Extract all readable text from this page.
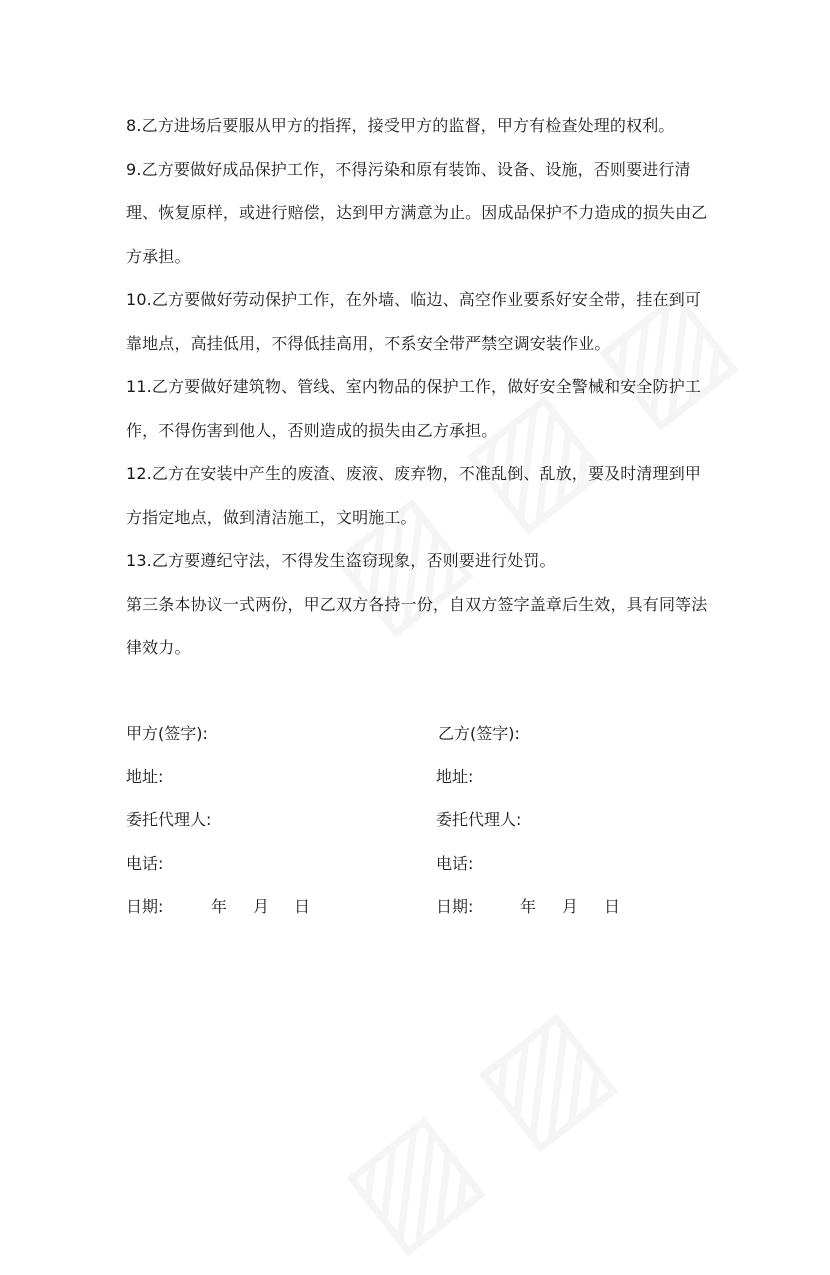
8.乙方进场后要服从甲方的指挥，接受甲方的监督，甲方有检查处理的权利。

9.乙方要做好成品保护工作，不得污染和原有装饰、设备、设施，否则要进行清理、恢复原样，或进行赔偿，达到甲方满意为止。因成品保护不力造成的损失由乙方承担。

10.乙方要做好劳动保护工作，在外墙、临边、高空作业要系好安全带，挂在到可靠地点，高挂低用，不得低挂高用，不系安全带严禁空调安装作业。

11.乙方要做好建筑物、管线、室内物品的保护工作，做好安全警械和安全防护工作，不得伤害到他人，否则造成的损失由乙方承担。

12.乙方在安装中产生的废渣、废液、废弃物，不准乱倒、乱放，要及时清理到甲方指定地点，做到清洁施工，文明施工。

13.乙方要遵纪守法，不得发生盗窃现象，否则要进行处罚。

第三条本协议一式两份，甲乙双方各持一份，自双方签字盖章后生效，具有同等法律效力。

甲方(签字):
地址:
委托代理人:
电话:
日期:	年 月 日
乙方(签字):
地址:
委托代理人:
电话:
日期:	年 月 日
